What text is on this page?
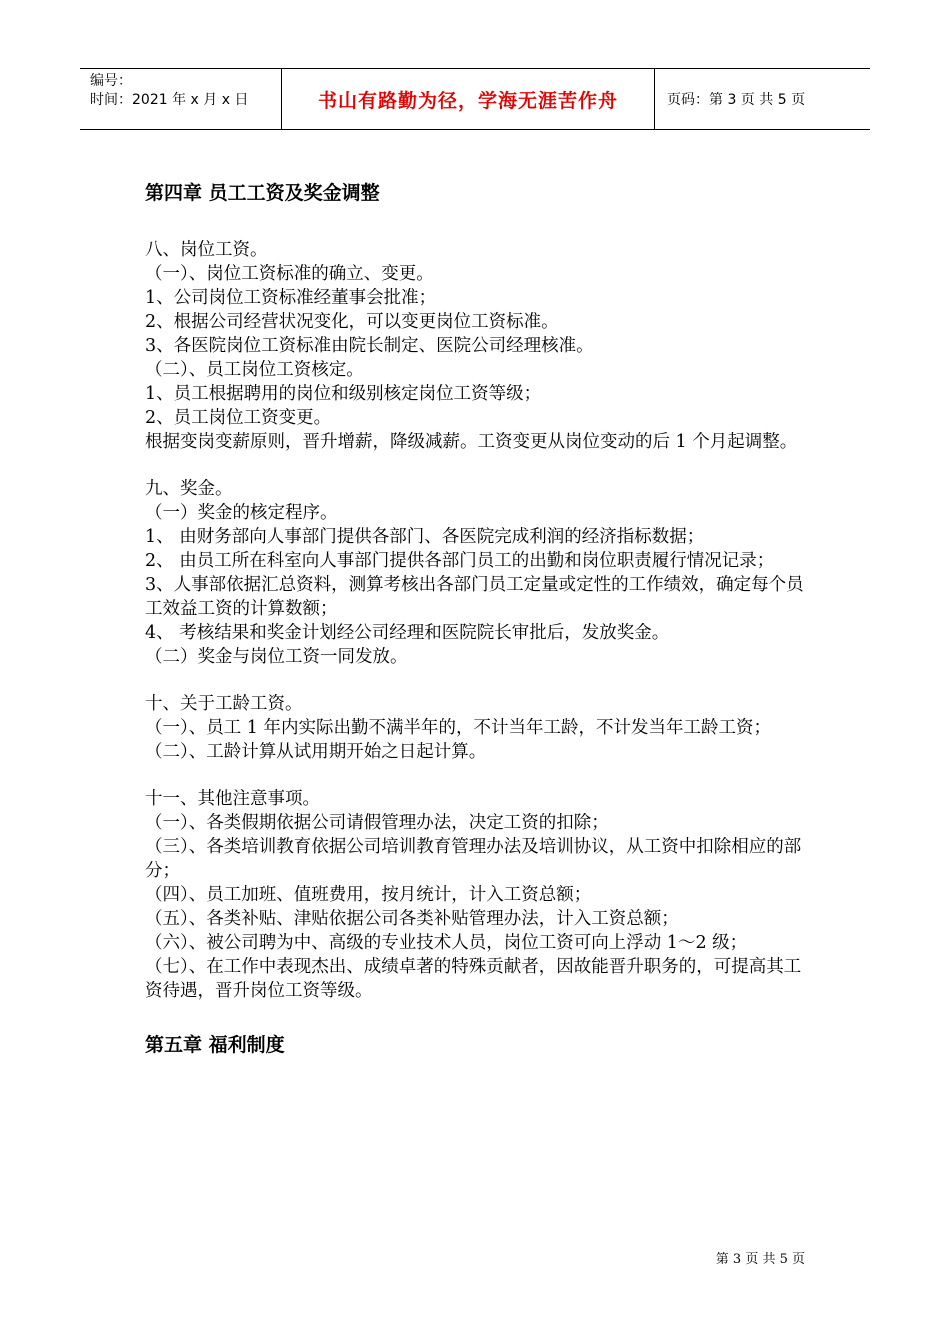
编号：
时间：2021 年 x 月 x 日	书山有路勤为径，学海无涯苦作舟	页码：第 3 页 共 5 页
第四章 员工工资及奖金调整

八、岗位工资。

（一）、岗位工资标准的确立、变更。

1、公司岗位工资标准经董事会批准；

2、根据公司经营状况变化，可以变更岗位工资标准。

3、各医院岗位工资标准由院长制定、医院公司经理核准。

（二）、员工岗位工资核定。

1、员工根据聘用的岗位和级别核定岗位工资等级；

2、员工岗位工资变更。

根据变岗变薪原则，晋升增薪，降级减薪。工资变更从岗位变动的后 1 个月起调整。

九、奖金。

（一）奖金的核定程序。

1、 由财务部向人事部门提供各部门、各医院完成利润的经济指标数据；

2、 由员工所在科室向人事部门提供各部门员工的出勤和岗位职责履行情况记录；

3、人事部依据汇总资料，测算考核出各部门员工定量或定性的工作绩效，确定每个员工效益工资的计算数额；

4、 考核结果和奖金计划经公司经理和医院院长审批后，发放奖金。

（二）奖金与岗位工资一同发放。

十、关于工龄工资。

（一）、员工 1 年内实际出勤不满半年的，不计当年工龄，不计发当年工龄工资；

（二）、工龄计算从试用期开始之日起计算。

十一、其他注意事项。

（一）、各类假期依据公司请假管理办法，决定工资的扣除；

（三）、各类培训教育依据公司培训教育管理办法及培训协议，从工资中扣除相应的部分；

（四）、员工加班、值班费用，按月统计，计入工资总额；

（五）、各类补贴、津贴依据公司各类补贴管理办法，计入工资总额；

（六）、被公司聘为中、高级的专业技术人员，岗位工资可向上浮动 1～2 级；

（七）、在工作中表现杰出、成绩卓著的特殊贡献者，因故能晋升职务的，可提高其工资待遇，晋升岗位工资等级。

第五章 福利制度
第 3 页 共 5 页
